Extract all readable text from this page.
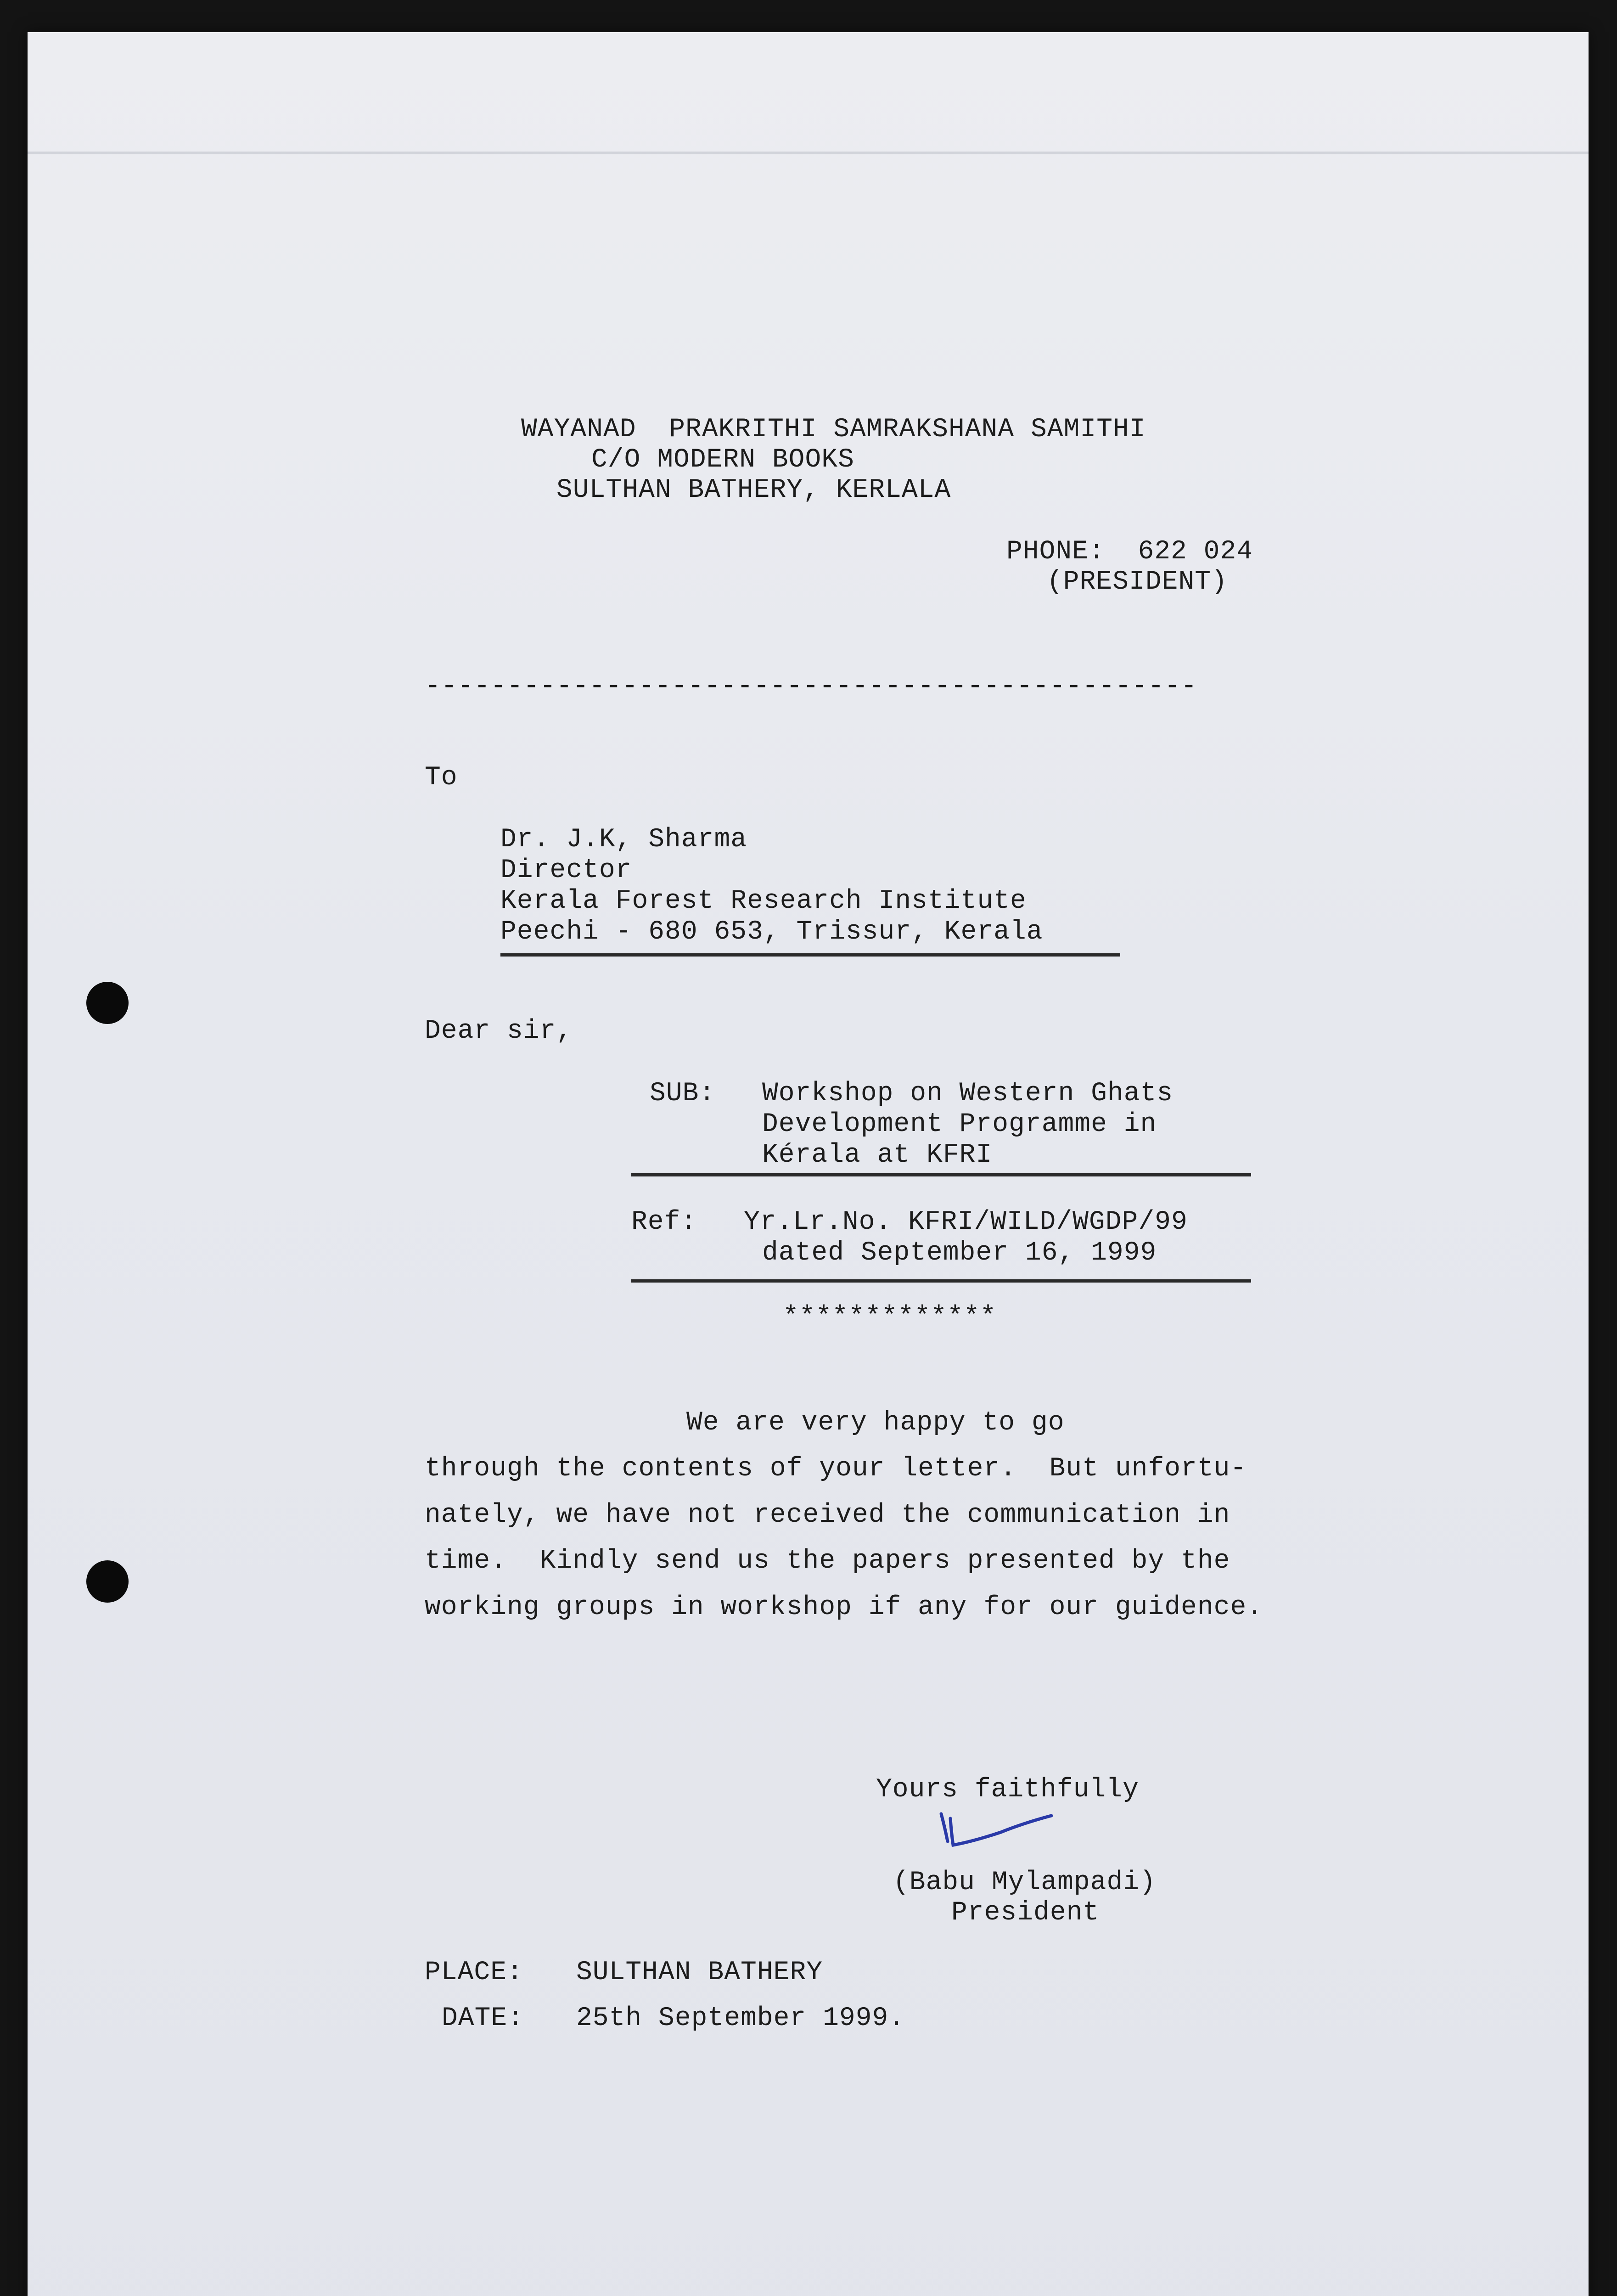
WAYANAD  PRAKRITHI SAMRAKSHANA SAMITHI
C/O MODERN BOOKS
SULTHAN BATHERY, KERLALA
PHONE:  622 024
(PRESIDENT)
-----------------------------------------------
To
Dr. J.K, Sharma
Director
Kerala Forest Research Institute
Peechi - 680 653, Trissur, Kerala
Dear sir,
SUB: Workshop on Western Ghats
Development Programme in
Kérala at KFRI
Ref: Yr.Lr.No. KFRI/WILD/WGDP/99
dated September 16, 1999
*************
We are very happy to go
through the contents of your letter.  But unfortu-
nately, we have not received the communication in
time.  Kindly send us the papers presented by the
working groups in workshop if any for our guidence.
Yours faithfully
(Babu Mylampadi)
President
PLACE: SULTHAN BATHERY
DATE: 25th September 1999.
